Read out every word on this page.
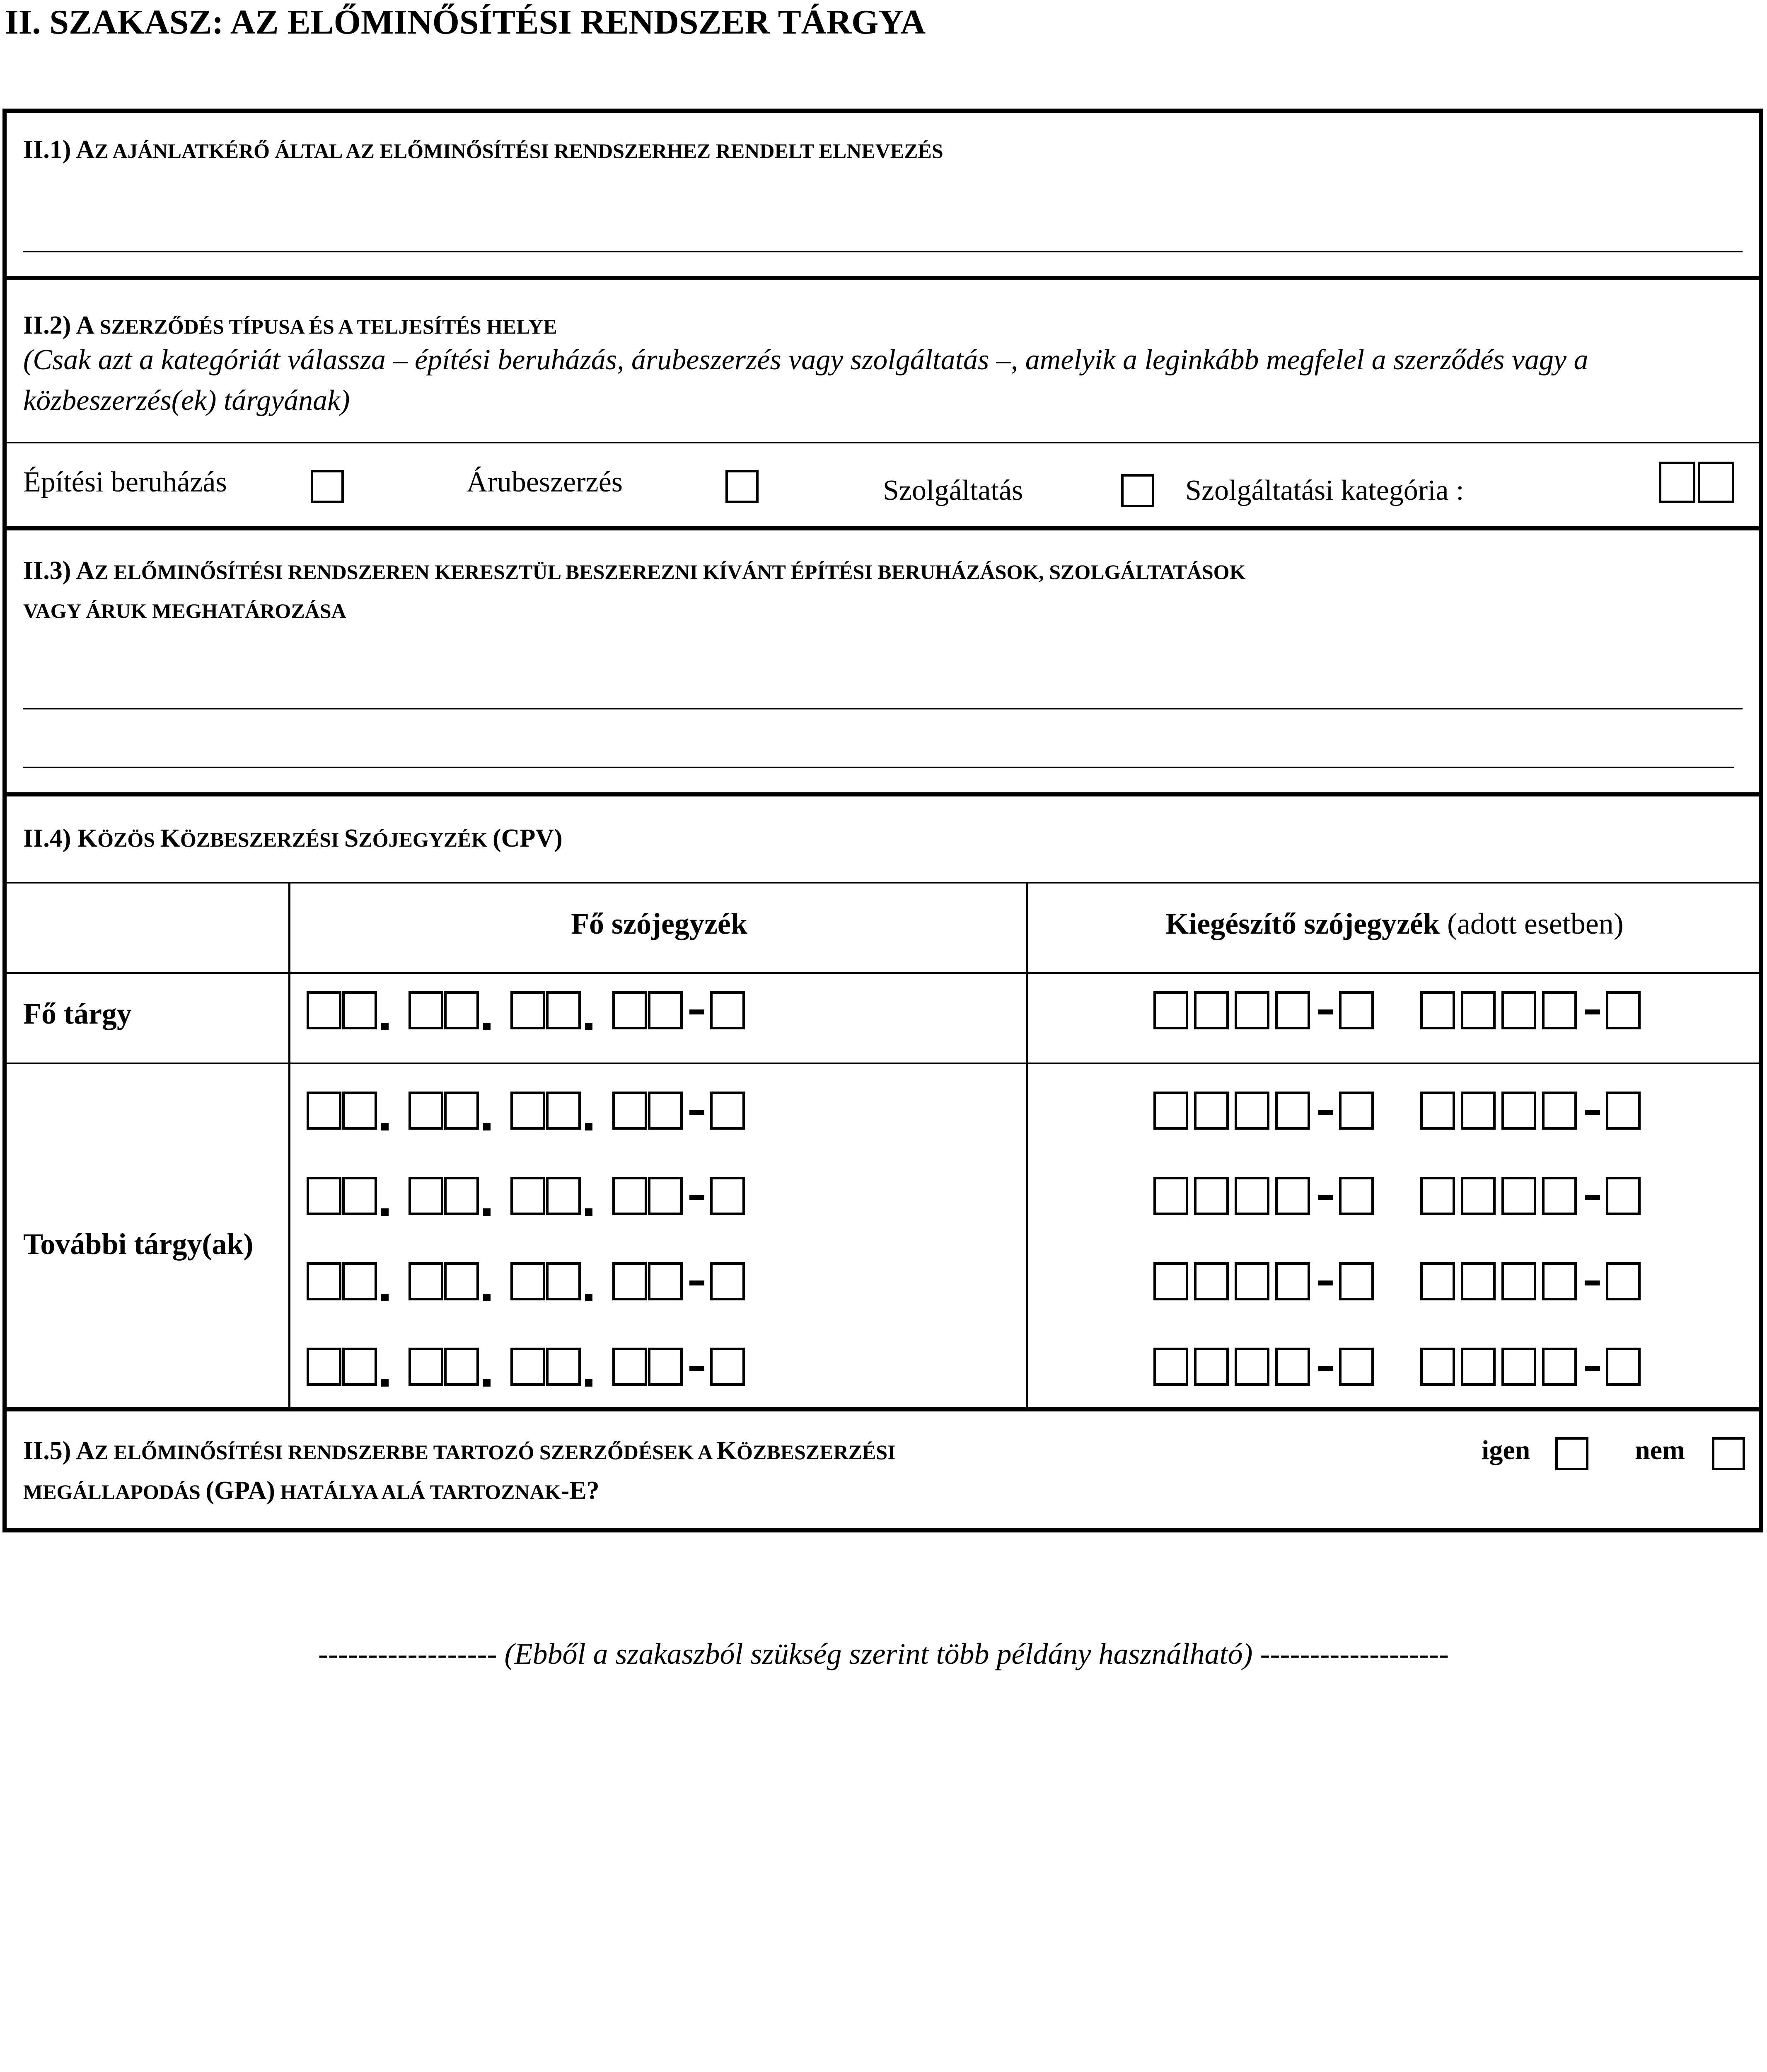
II. SZAKASZ: AZ ELŐMINŐSÍTÉSI RENDSZER TÁRGYA
II.1) AZ AJÁNLATKÉRŐ ÁLTAL AZ ELŐMINŐSÍTÉSI RENDSZERHEZ RENDELT ELNEVEZÉS
II.2) A SZERZŐDÉS TÍPUSA ÉS A TELJESÍTÉS HELYE
(Csak azt a kategóriát válassza – építési beruházás, árubeszerzés vagy szolgáltatás –, amelyik a leginkább megfelel a szerződés vagy a közbeszerzés(ek) tárgyának)
Építési beruházás	Árubeszerzés	Szolgáltatás	Szolgáltatási kategória :
II.3) AZ ELŐMINŐSÍTÉSI RENDSZEREN KERESZTÜL BESZEREZNI KÍVÁNT ÉPÍTÉSI BERUHÁZÁSOK, SZOLGÁLTATÁSOK
VAGY ÁRUK MEGHATÁROZÁSA
II.4) KÖZÖS KÖZBESZERZÉSI SZÓJEGYZÉK (CPV)
Fő szójegyzék	Kiegészítő szójegyzék (adott esetben)
Fő tárgy
További tárgy(ak)
II.5) AZ ELŐMINŐSÍTÉSI RENDSZERBE TARTOZÓ SZERZŐDÉSEK A KÖZBESZERZÉSI
MEGÁLLAPODÁS (GPA) HATÁLYA ALÁ TARTOZNAK-E?
igen	nem
------------------ (Ebből a szakaszból szükség szerint több példány használható) -------------------
